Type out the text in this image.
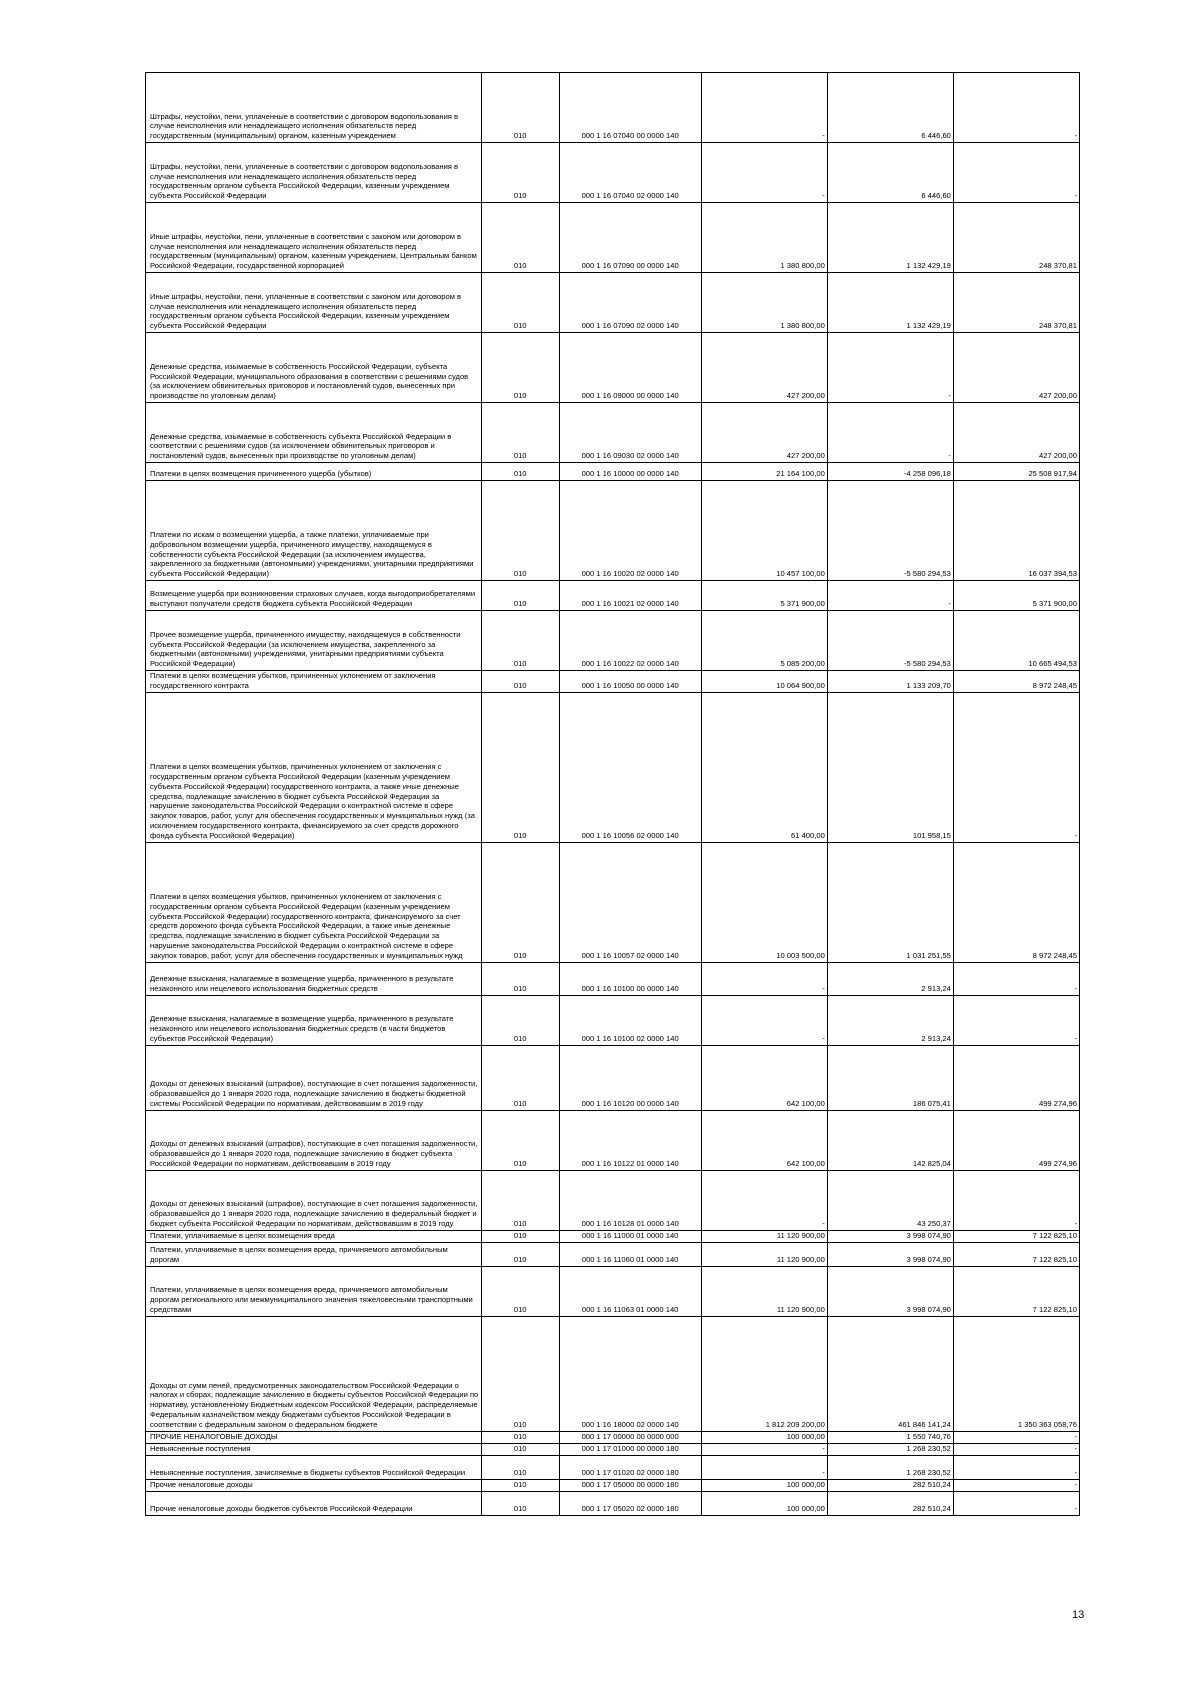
Штрафы, неустойки, пени, уплаченные в соответствии с договором водопользования в случае неисполнения или ненадлежащего исполнения обязательств перед государственным (муниципальным) органом, казенным учреждением	010	000 1 16 07040 00 0000 140	-	6 446,60	-
Штрафы, неустойки, пени, уплаченные в соответствии с договором водопользования в случае неисполнения или ненадлежащего исполнения обязательств перед государственным органом субъекта Российской Федерации, казенным учреждением субъекта Российской Федерации	010	000 1 16 07040 02 0000 140	-	6 446,60	-
Иные штрафы, неустойки, пени, уплаченные в соответствии с законом или договором в случае неисполнения или ненадлежащего исполнения обязательств перед государственным (муниципальным) органом, казенным учреждением, Центральным банком Российской Федерации, государственной корпорацией	010	000 1 16 07090 00 0000 140	1 380 800,00	1 132 429,19	248 370,81
Иные штрафы, неустойки, пени, уплаченные в соответствии с законом или договором в случае неисполнения или ненадлежащего исполнения обязательств перед государственным органом субъекта Российской Федерации, казенным учреждением субъекта Российской Федерации	010	000 1 16 07090 02 0000 140	1 380 800,00	1 132 429,19	248 370,81
Денежные средства, изымаемые в собственность Российской Федерации, субъекта Российской Федерации, муниципального образования в соответствии с решениями судов (за исключением обвинительных приговоров и постановлений судов, вынесенных при производстве по уголовным делам)	010	000 1 16 09000 00 0000 140	427 200,00	-	427 200,00
Денежные средства, изымаемые в собственность субъекта Российской Федерации в соответствии с решениями судов (за исключением обвинительных приговоров и постановлений судов, вынесенных при производстве по уголовным делам)	010	000 1 16 09030 02 0000 140	427 200,00	-	427 200,00
Платежи в целях возмещения причиненного ущерба (убытков)	010	000 1 16 10000 00 0000 140	21 164 100,00	-4 258 096,18	25 508 917,94
Платежи по искам о возмещении ущерба, а также платежи, уплачиваемые при добровольном возмещении ущерба, причиненного имуществу, находящемуся в собственности субъекта Российской Федерации (за исключением имущества, закрепленного за бюджетными (автономными) учреждениями, унитарными предприятиями субъекта Российской Федерации)	010	000 1 16 10020 02 0000 140	10 457 100,00	-5 580 294,53	16 037 394,53
Возмещение ущерба при возникновении страховых случаев, когда выгодоприобретателями выступают получатели средств бюджета субъекта Российской Федерации	010	000 1 16 10021 02 0000 140	5 371 900,00	-	5 371 900,00
Прочее возмещение ущерба, причиненного имуществу, находящемуся в собственности субъекта Российской Федерации (за исключением имущества, закрепленного за бюджетными (автономными) учреждениями, унитарными предприятиями субъекта Российской Федерации)	010	000 1 16 10022 02 0000 140	5 085 200,00	-5 580 294,53	10 665 494,53
Платежи в целях возмещения убытков, причиненных уклонением от заключения государственного контракта	010	000 1 16 10050 00 0000 140	10 064 900,00	1 133 209,70	8 972 248,45
Платежи в целях возмещения убытков, причиненных уклонением от заключения с государственным органом субъекта Российской Федерации (казенным учреждением субъекта Российской Федерации) государственного контракта, а также иные денежные средства, подлежащие зачислению в бюджет субъекта Российской Федерации за нарушение законодательства Российской Федерации о контрактной системе в сфере закупок товаров, работ, услуг для обеспечения государственных и муниципальных нужд (за исключением государственного контракта, финансируемого за счет средств дорожного фонда субъекта Российской Федерации)	010	000 1 16 10056 02 0000 140	61 400,00	101 958,15	-
Платежи в целях возмещения убытков, причиненных уклонением от заключения с государственным органом субъекта Российской Федерации (казенным учреждением субъекта Российской Федерации) государственного контракта, финансируемого за счет средств дорожного фонда субъекта Российской Федерации, а также иные денежные средства, подлежащие зачислению в бюджет субъекта Российской Федерации за нарушение законодательства Российской Федерации о контрактной системе в сфере закупок товаров, работ, услуг для обеспечения государственных и муниципальных нужд	010	000 1 16 10057 02 0000 140	10 003 500,00	1 031 251,55	8 972 248,45
Денежные взыскания, налагаемые в возмещение ущерба, причиненного в результате незаконного или нецелевого использования бюджетных средств	010	000 1 16 10100 00 0000 140	-	2 913,24	-
Денежные взыскания, налагаемые в возмещение ущерба, причиненного в результате незаконного или нецелевого использования бюджетных средств (в части бюджетов субъектов Российской Федерации)	010	000 1 16 10100 02 0000 140	-	2 913,24	-
Доходы от денежных взысканий (штрафов), поступающие в счет погашения задолженности, образовавшейся до 1 января 2020 года, подлежащие зачислению в бюджеты бюджетной системы Российской Федерации по нормативам, действовавшим в 2019 году	010	000 1 16 10120 00 0000 140	642 100,00	186 075,41	499 274,96
Доходы от денежных взысканий (штрафов), поступающие в счет погашения задолженности, образовавшейся до 1 января 2020 года, подлежащие зачислению в бюджет субъекта Российской Федерации по нормативам, действовавшим в 2019 году	010	000 1 16 10122 01 0000 140	642 100,00	142 825,04	499 274,96
Доходы от денежных взысканий (штрафов), поступающие в счет погашения задолженности, образовавшейся до 1 января 2020 года, подлежащие зачислению в федеральный бюджет и бюджет субъекта Российской Федерации по нормативам, действовавшим в 2019 году	010	000 1 16 10128 01 0000 140	-	43 250,37	-
Платежи, уплачиваемые в целях возмещения вреда	010	000 1 16 11000 01 0000 140	11 120 900,00	3 998 074,90	7 122 825,10
Платежи, уплачиваемые в целях возмещения вреда, причиняемого автомобильным дорогам	010	000 1 16 11060 01 0000 140	11 120 900,00	3 998 074,90	7 122 825,10
Платежи, уплачиваемые в целях возмещения вреда, причиняемого автомобильным дорогам регионального или межмуниципального значения тяжеловесными транспортными средствами	010	000 1 16 11063 01 0000 140	11 120 900,00	3 998 074,90	7 122 825,10
Доходы от сумм пеней, предусмотренных законодательством Российской Федерации о налогах и сборах, подлежащие зачислению в бюджеты субъектов Российской Федерации по нормативу, установленному Бюджетным кодексом Российской Федерации, распределяемые Федеральным казначейством между бюджетами субъектов Российской Федерации в соответствии с федеральным законом о федеральном бюджете	010	000 1 16 18000 02 0000 140	1 812 209 200,00	461 846 141,24	1 350 363 058,76
ПРОЧИЕ НЕНАЛОГОВЫЕ ДОХОДЫ	010	000 1 17 00000 00 0000 000	100 000,00	1 550 740,76	-
Невыясненные поступления	010	000 1 17 01000 00 0000 180	-	1 268 230,52	-
Невыясненные поступления, зачисляемые в бюджеты субъектов Российской Федерации	010	000 1 17 01020 02 0000 180	-	1 268 230,52	-
Прочие неналоговые доходы	010	000 1 17 05000 00 0000 180	100 000,00	282 510,24	-
Прочие неналоговые доходы бюджетов субъектов Российской Федерации	010	000 1 17 05020 02 0000 180	100 000,00	282 510,24	-
13
